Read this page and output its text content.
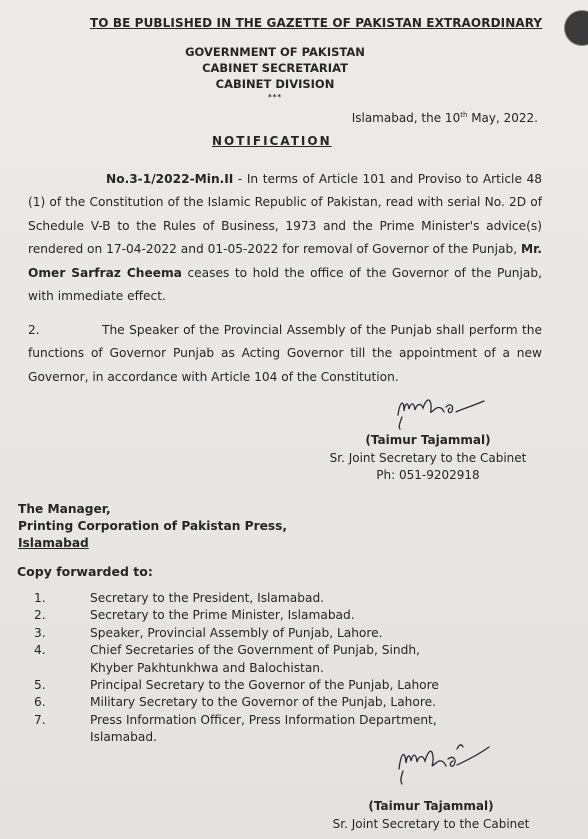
TO BE PUBLISHED IN THE GAZETTE OF PAKISTAN EXTRAORDINARY
GOVERNMENT OF PAKISTAN
CABINET SECRETARIAT
CABINET DIVISION
***
Islamabad, the 10th May, 2022.
NOTIFICATION
No.3-1/2022-Min.II - In terms of Article 101 and Proviso to Article 48 (1) of the Constitution of the Islamic Republic of Pakistan, read with serial No. 2D of Schedule V-B to the Rules of Business, 1973 and the Prime Minister's advice(s) rendered on 17-04-2022 and 01-05-2022 for removal of Governor of the Punjab, Mr. Omer Sarfraz Cheema ceases to hold the office of the Governor of the Punjab, with immediate effect.
2.	The Speaker of the Provincial Assembly of the Punjab shall perform the functions of Governor Punjab as Acting Governor till the appointment of a new Governor, in accordance with Article 104 of the Constitution.
(Taimur Tajammal)
Sr. Joint Secretary to the Cabinet
Ph: 051-9202918
The Manager,
Printing Corporation of Pakistan Press,
Islamabad
Copy forwarded to:
1.	Secretary to the President, Islamabad.
2.	Secretary to the Prime Minister, Islamabad.
3.	Speaker, Provincial Assembly of Punjab, Lahore.
4.	Chief Secretaries of the Government of Punjab, Sindh,
Khyber Pakhtunkhwa and Balochistan.
5.	Principal Secretary to the Governor of the Punjab, Lahore
6.	Military Secretary to the Governor of the Punjab, Lahore.
7.	Press Information Officer, Press Information Department,
Islamabad.
(Taimur Tajammal)
Sr. Joint Secretary to the Cabinet
